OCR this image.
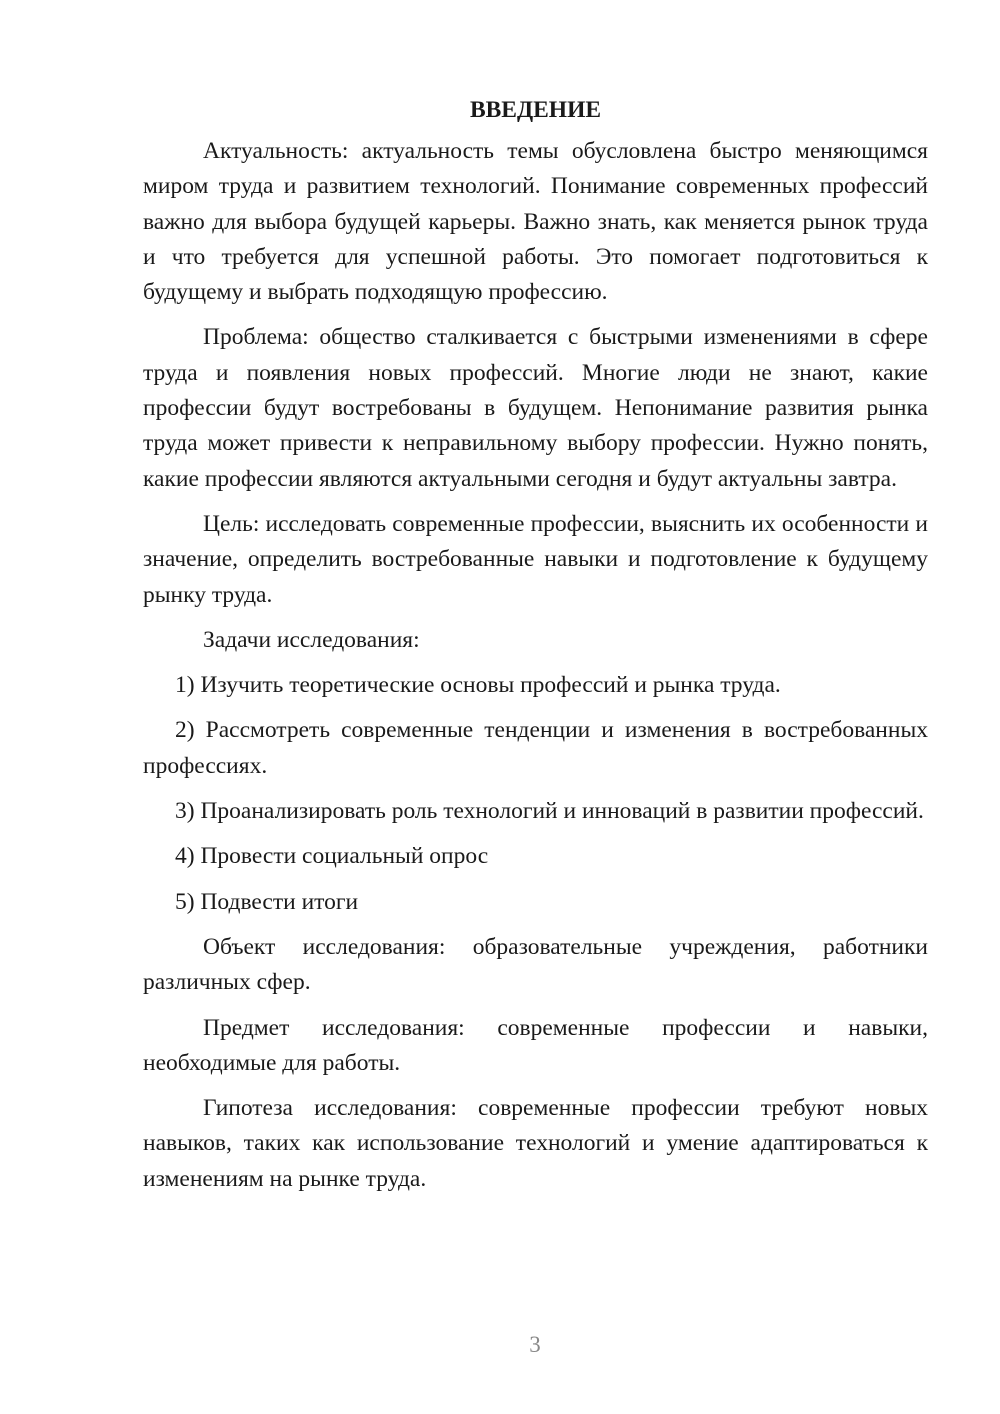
ВВЕДЕНИЕ

Актуальность: актуальность темы обусловлена быстро меняющимся миром труда и развитием технологий. Понимание современных профессий важно для выбора будущей карьеры. Важно знать, как меняется рынок труда и что требуется для успешной работы. Это помогает подготовиться к будущему и выбрать подходящую профессию.

Проблема: общество сталкивается с быстрыми изменениями в сфере труда и появления новых профессий. Многие люди не знают, какие профессии будут востребованы в будущем. Непонимание развития рынка труда может привести к неправильному выбору профессии. Нужно понять, какие профессии являются актуальными сегодня и будут актуальны завтра.

Цель: исследовать современные профессии, выяснить их особенности и значение, определить востребованные навыки и подготовление к будущему рынку труда.

Задачи исследования:

1) Изучить теоретические основы профессий и рынка труда.

2) Рассмотреть современные тенденции и изменения в востребованных профессиях.

3) Проанализировать роль технологий и инноваций в развитии профессий.

4) Провести социальный опрос

5) Подвести итоги

Объект исследования: образовательные учреждения, работники различных сфер.

Предмет исследования: современные профессии и навыки, необходимые для работы.

Гипотеза исследования: современные профессии требуют новых навыков, таких как использование технологий и умение адаптироваться к изменениям на рынке труда.

3
